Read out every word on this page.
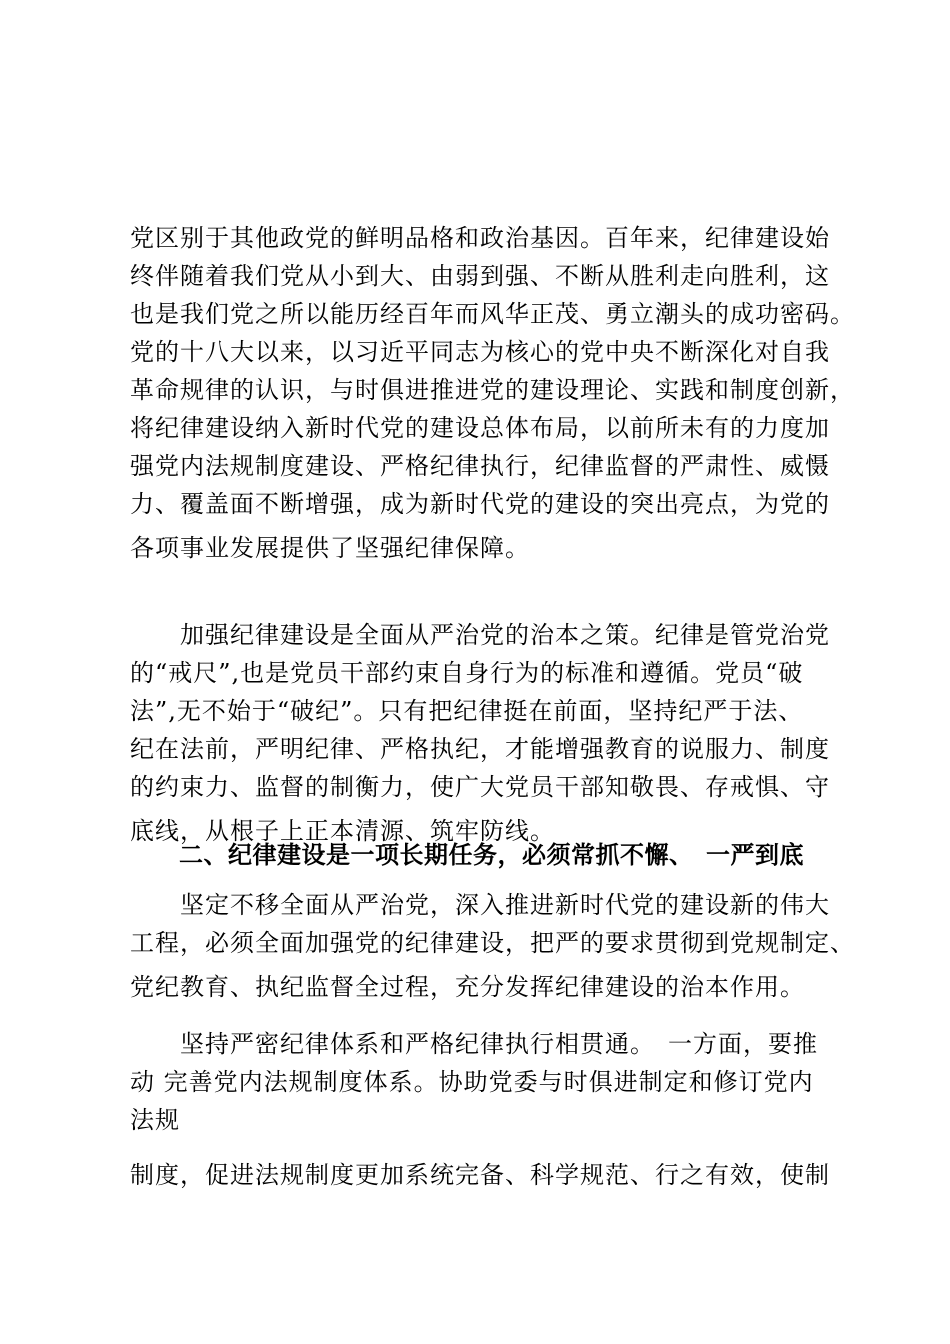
党区别于其他政党的鲜明品格和政治基因。百年来，纪律建设始
终伴随着我们党从小到大、由弱到强、不断从胜利走向胜利，这
也是我们党之所以能历经百年而风华正茂、勇立潮头的成功密码。
党的十八大以来，以习近平同志为核心的党中央不断深化对自我
革命规律的认识，与时俱进推进党的建设理论、实践和制度创新，
将纪律建设纳入新时代党的建设总体布局，以前所未有的力度加
强党内法规制度建设、严格纪律执行，纪律监督的严肃性、威慑
力、覆盖面不断增强，成为新时代党的建设的突出亮点，为党的
各项事业发展提供了坚强纪律保障。
　　加强纪律建设是全面从严治党的治本之策。纪律是管党治党
的“戒尺”,也是党员干部约束自身行为的标准和遵循。党员“破
法”,无不始于“破纪”。只有把纪律挺在前面，坚持纪严于法、
纪在法前，严明纪律、严格执纪，才能增强教育的说服力、制度
的约束力、监督的制衡力，使广大党员干部知敬畏、存戒惧、守
底线，从根子上正本清源、筑牢防线。
　　二、纪律建设是一项长期任务，必须常抓不懈、　一严到底
　　坚定不移全面从严治党，深入推进新时代党的建设新的伟大
工程，必须全面加强党的纪律建设，把严的要求贯彻到党规制定、
党纪教育、执纪监督全过程，充分发挥纪律建设的治本作用。
　　坚持严密纪律体系和严格纪律执行相贯通。　一方面，要推
动 完善党内法规制度体系。协助党委与时俱进制定和修订党内
法规
制度，促进法规制度更加系统完备、科学规范、行之有效，使制
